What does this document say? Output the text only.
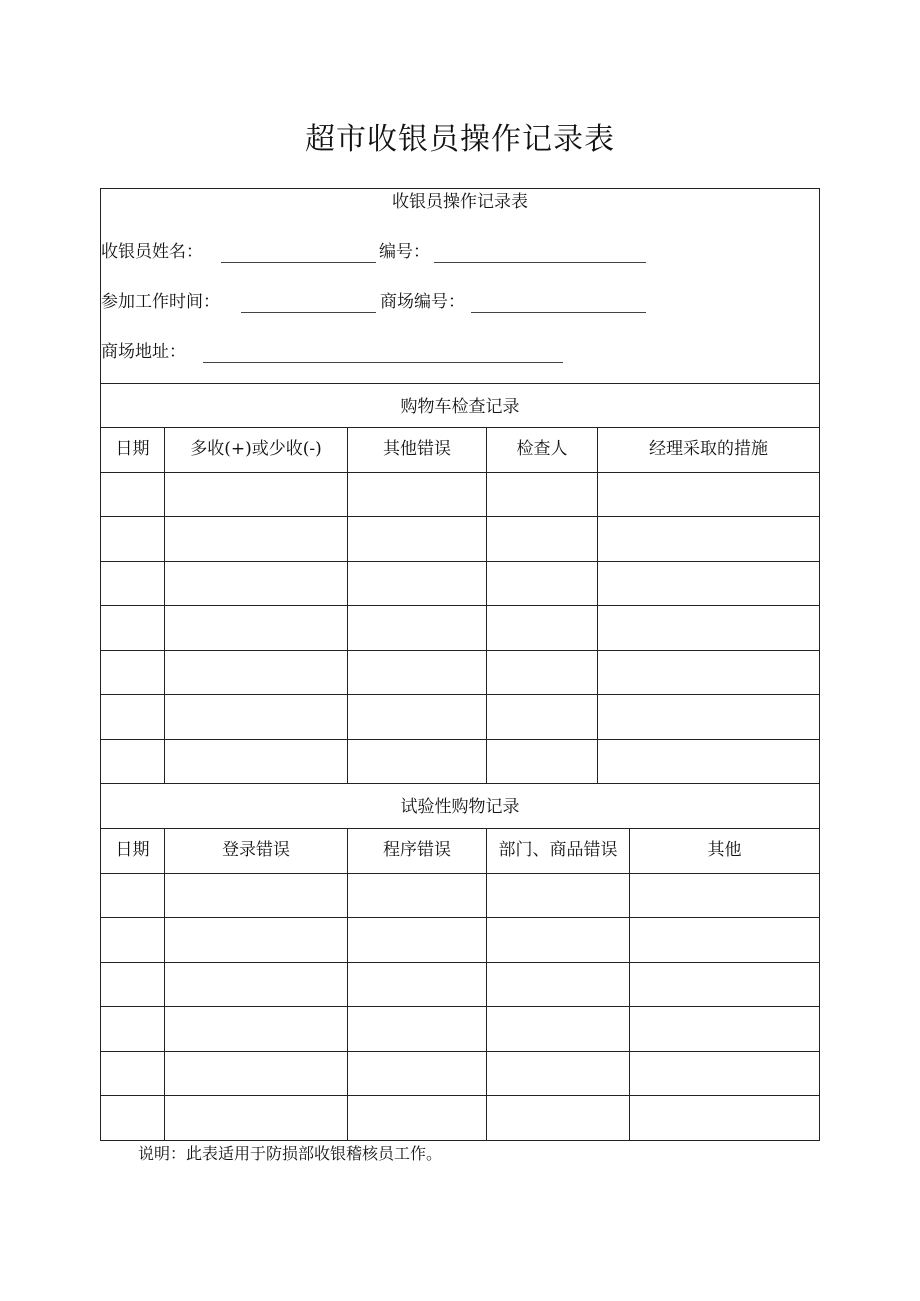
超市收银员操作记录表
收银员操作记录表
收银员姓名：	编号：
参加工作时间：	商场编号：
商场地址：
购物车检查记录
日期	多收(+)或少收(-)	其他错误	检查人	经理采取的措施
试验性购物记录
日期	登录错误	程序错误	部门、商品错误	其他
说明：此表适用于防损部收银稽核员工作。
